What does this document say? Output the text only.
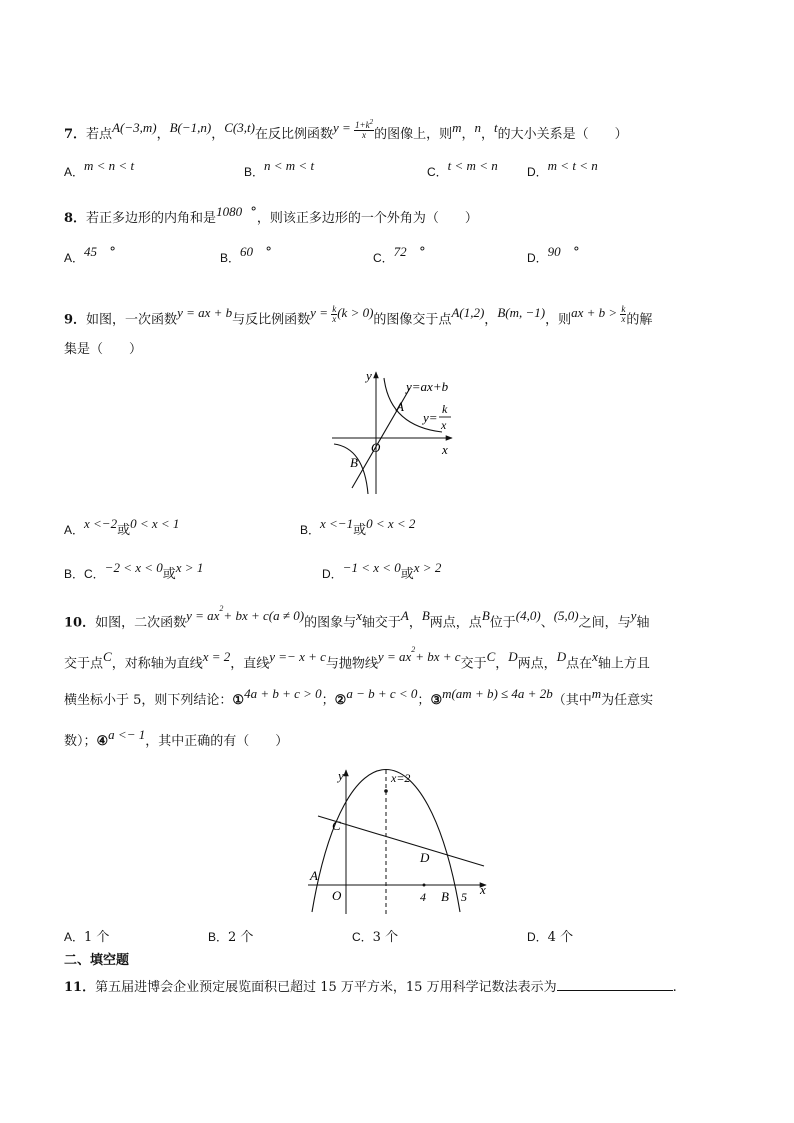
7．若点A(−3,m)，B(−1,n)，C(3,t)在反比例函数$y = \frac{1+k^2}{x}$ 的图像上，则m，n，t的大小关系是（　　）
A．m < n < t	B．n < m < t	C．t < m < n D．m < t < n
8．若正多边形的内角和是1080 °，则该正多边形的一个外角为（　　）
A．45 °	B．60 °	C．72 °	D．90 °
9．如图，一次函数y = ax + b与反比例函数$y = \frac{k}{x} (k > 0)$的图像交于点A(1,2)，B(m, −1)，则ax + $b > \frac{k}{x}$ 的解
集是（　　）
y
y=ax+b
A
y=
k
x
O	x
B
A．x <−2或0 < x < 1	B．x <−1或0 < x < 2
B．C．−2 < x < 0或x > 1	D．−1 < x < 0或x > 2
10．如图，二次函数$y = ax^2+$ bx + c(a ≠ 0)的图象与x轴交于A，B两点，点B位于(4,0)、(5,0)之间，与y轴
交于点C，对称轴为直线x = 2，直线y =− x + c与抛物线$y = ax^2+$ bx + c交于C，D两点，D点在x轴上方且
横坐标小于 5，则下列结论：①4a + b + c > 0；②a − b + c < 0；③m(am + b) ≤ 4a + 2b（其中m为任意实
数）；④a <− 1，其中正确的有（　　）
y	x=2
C
D
A
O	4 B 5 x
A．1 个	B．2 个	C．3 个	D．4 个
二、填空题
11．第五届进博会企业预定展览面积已超过 15 万平方米，15 万用科学记数法表示为	.
